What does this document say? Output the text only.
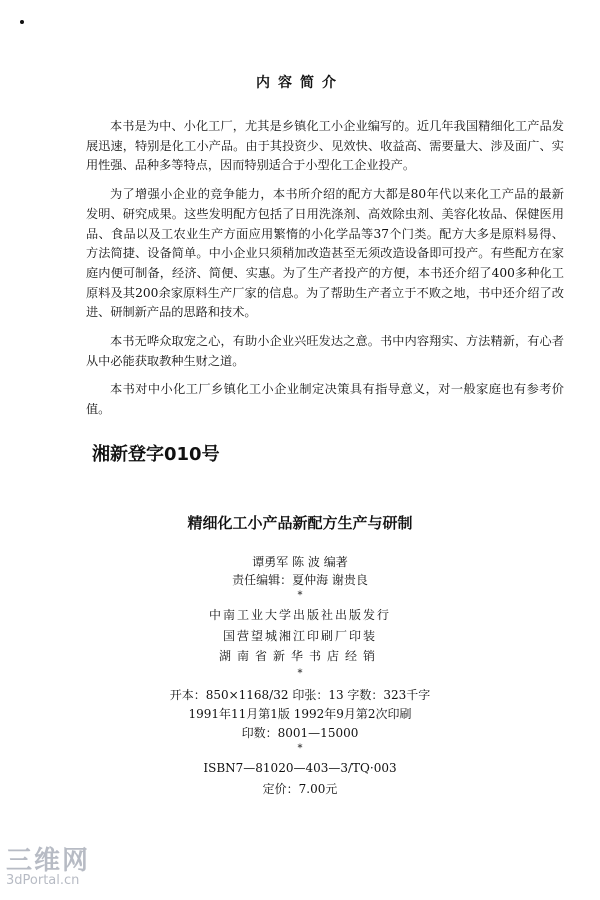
内容简介

本书是为中、小化工厂，尤其是乡镇化工小企业编写的。近几年我国精细化工产品发展迅速，特别是化工小产品。由于其投资少、见效快、收益高、需要量大、涉及面广、实用性强、品种多等特点，因而特别适合于小型化工企业投产。

为了增强小企业的竞争能力，本书所介绍的配方大都是80年代以来化工产品的最新发明、研究成果。这些发明配方包括了日用洗涤剂、高效除虫剂、美容化妆品、保健医用品、食品以及工农业生产方面应用繁惰的小化学品等37个门类。配方大多是原料易得、方法简捷、设备简单。中小企业只须稍加改造甚至无须改造设备即可投产。有些配方在家庭内便可制备，经济、简便、实惠。为了生产者投产的方便，本书还介绍了400多种化工原料及其200余家原料生产厂家的信息。为了帮助生产者立于不败之地，书中还介绍了改进、研制新产品的思路和技术。

本书无哗众取宠之心，有助小企业兴旺发达之意。书中内容翔实、方法精新，有心者从中必能获取教种生财之道。

本书对中小化工厂乡镇化工小企业制定决策具有指导意义，对一般家庭也有参考价值。

湘新登字010号
精细化工小产品新配方生产与研制
谭勇军 陈 波 编著
责任编辑：夏仲海 谢贵良
*
中南工业大学出版社出版发行
国营望城湘江印刷厂印装
湖南省新华书店经销
*
开本：850×1168/32 印张：13 字数：323千字
1991年11月第1版 1992年9月第2次印刷
印数：8001—15000
*
ISBN7—81020—403—3/TQ·003
定价：7.00元
三维网
3dPortal.cn
